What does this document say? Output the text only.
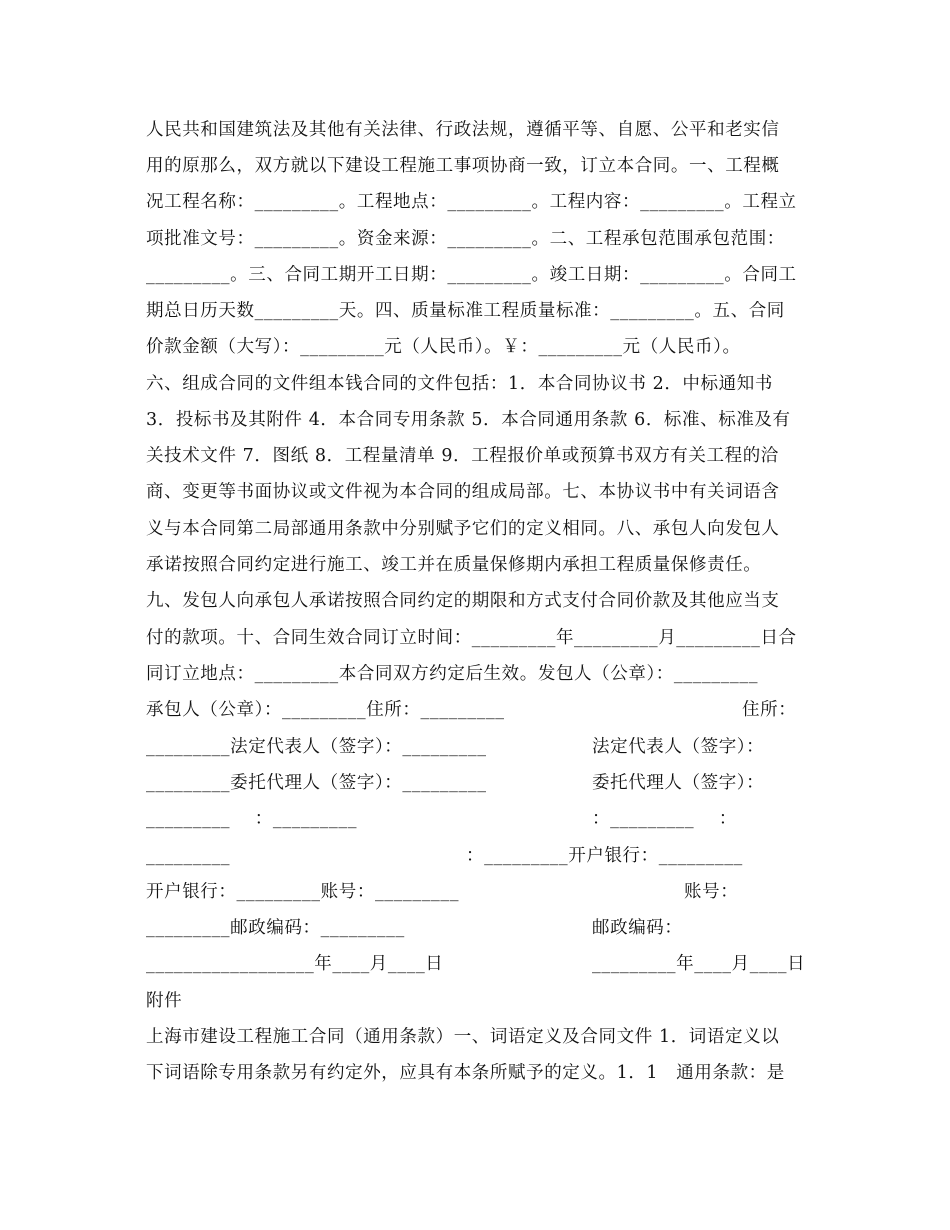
人民共和国建筑法及其他有关法律、行政法规，遵循平等、自愿、公平和老实信
用的原那么，双方就以下建设工程施工事项协商一致，订立本合同。一、工程概
况工程名称：_________。工程地点：_________。工程内容：_________。工程立
项批准文号：_________。资金来源：_________。二、工程承包范围承包范围：
_________。三、合同工期开工日期：_________。竣工日期：_________。合同工
期总日历天数_________天。四、质量标准工程质量标准：_________。五、合同
价款金额（大写）：_________元（人民币）。￥：_________元（人民币）。
六、组成合同的文件组本钱合同的文件包括：1．本合同协议书 2．中标通知书
3．投标书及其附件 4．本合同专用条款 5．本合同通用条款 6．标准、标准及有
关技术文件 7．图纸 8．工程量清单 9．工程报价单或预算书双方有关工程的洽
商、变更等书面协议或文件视为本合同的组成局部。七、本协议书中有关词语含
义与本合同第二局部通用条款中分别赋予它们的定义相同。八、承包人向发包人
承诺按照合同约定进行施工、竣工并在质量保修期内承担工程质量保修责任。
九、发包人向承包人承诺按照合同约定的期限和方式支付合同价款及其他应当支
付的款项。十、合同生效合同订立时间：_________年_________月_________日合
同订立地点：_________本合同双方约定后生效。发包人（公章）：_________
承包人（公章）：_________住所：_________
_________法定代表人（签字）：_________
_________委托代理人（签字）：_________
_________    ：_________
_________
开户银行：_________账号：_________
_________邮政编码：_________
__________________年____月____日
住所：
法定代表人（签字）：
委托代理人（签字）：
：_________    ：
：_________开户银行：_________
账号：
邮政编码：
_________年____月____日
附件
上海市建设工程施工合同（通用条款）一、词语定义及合同文件 1．词语定义以
下词语除专用条款另有约定外，应具有本条所赋予的定义。1．1　通用条款：是
